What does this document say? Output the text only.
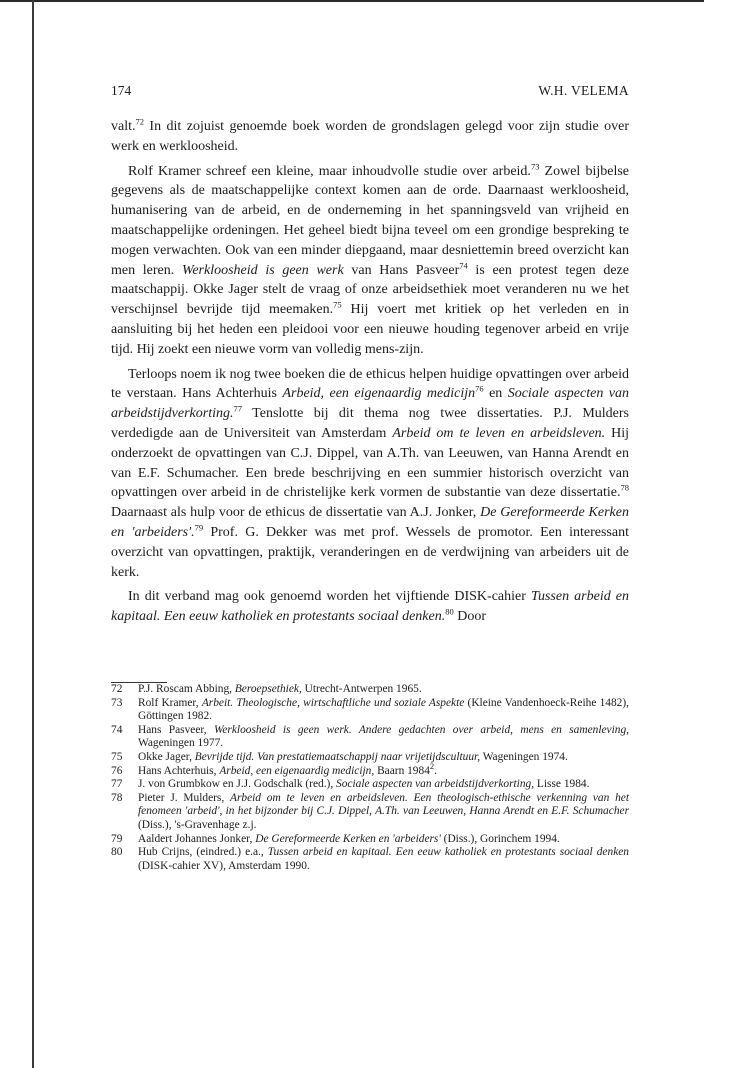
174	W.H. VELEMA

valt.$^{72}$ In dit zojuist genoemde boek worden de grondslagen gelegd voor zijn studie over werk en werkloosheid.

Rolf Kramer schreef een kleine, maar inhoudvolle studie over arbeid.$^{73}$ Zowel bijbelse gegevens als de maatschappelijke context komen aan de orde. Daarnaast werkloosheid, humanisering van de arbeid, en de onderneming in het spanningsveld van vrijheid en maatschappelijke ordeningen. Het geheel biedt bijna teveel om een grondige bespreking te mogen verwachten. Ook van een minder diepgaand, maar desniettemin breed overzicht kan men leren. Werkloosheid is geen werk van Hans Pasveer$^{74}$ is een protest tegen deze maatschappij. Okke Jager stelt de vraag of onze arbeidsethiek moet veranderen nu we het verschijnsel bevrijde tijd meemaken.$^{75}$ Hij voert met kritiek op het verleden en in aansluiting bij het heden een pleidooi voor een nieuwe houding tegenover arbeid en vrije tijd. Hij zoekt een nieuwe vorm van volledig mens-zijn.

Terloops noem ik nog twee boeken die de ethicus helpen huidige opvattingen over arbeid te verstaan. Hans Achterhuis Arbeid, een eigenaardig medicijn$^{76}$ en Sociale aspecten van arbeidstijdverkorting.$^{77}$ Tenslotte bij dit thema nog twee dissertaties. P.J. Mulders verdedigde aan de Universiteit van Amsterdam Arbeid om te leven en arbeidsleven. Hij onderzoekt de opvattingen van C.J. Dippel, van A.Th. van Leeuwen, van Hanna Arendt en van E.F. Schumacher. Een brede beschrijving en een summier historisch overzicht van opvattingen over arbeid in de christelijke kerk vormen de substantie van deze dissertatie.$^{78}$ Daarnaast als hulp voor de ethicus de dissertatie van A.J. Jonker, De Gereformeerde Kerken en 'arbeiders'.$^{79}$ Prof. G. Dekker was met prof. Wessels de promotor. Een interessant overzicht van opvattingen, praktijk, veranderingen en de verdwijning van arbeiders uit de kerk.

In dit verband mag ook genoemd worden het vijftiende DISK-cahier Tussen arbeid en kapitaal. Een eeuw katholiek en protestants sociaal denken.$^{80}$ Door

72	P.J. Roscam Abbing, Beroepsethiek, Utrecht-Antwerpen 1965.
73	Rolf Kramer, Arbeit. Theologische, wirtschaftliche und soziale Aspekte (Kleine Vandenhoeck-Reihe 1482), Göttingen 1982.
74	Hans Pasveer, Werkloosheid is geen werk. Andere gedachten over arbeid, mens en samenleving, Wageningen 1977.
75	Okke Jager, Bevrijde tijd. Van prestatiemaatschappij naar vrijetijdscultuur, Wageningen 1974.
76	Hans Achterhuis, Arbeid, een eigenaardig medicijn, Baarn 1984$^2$.
77	J. von Grumbkow en J.J. Godschalk (red.), Sociale aspecten van arbeidstijdverkorting, Lisse 1984.
78	Pieter J. Mulders, Arbeid om te leven en arbeidsleven. Een theologisch-ethische verkenning van het fenomeen 'arbeid', in het bijzonder bij C.J. Dippel, A.Th. van Leeuwen, Hanna Arendt en E.F. Schumacher (Diss.), 's-Gravenhage z.j.
79	Aaldert Johannes Jonker, De Gereformeerde Kerken en 'arbeiders' (Diss.), Gorinchem 1994.
80	Hub Crijns, (eindred.) e.a., Tussen arbeid en kapitaal. Een eeuw katholiek en protestants sociaal denken (DISK-cahier XV), Amsterdam 1990.
